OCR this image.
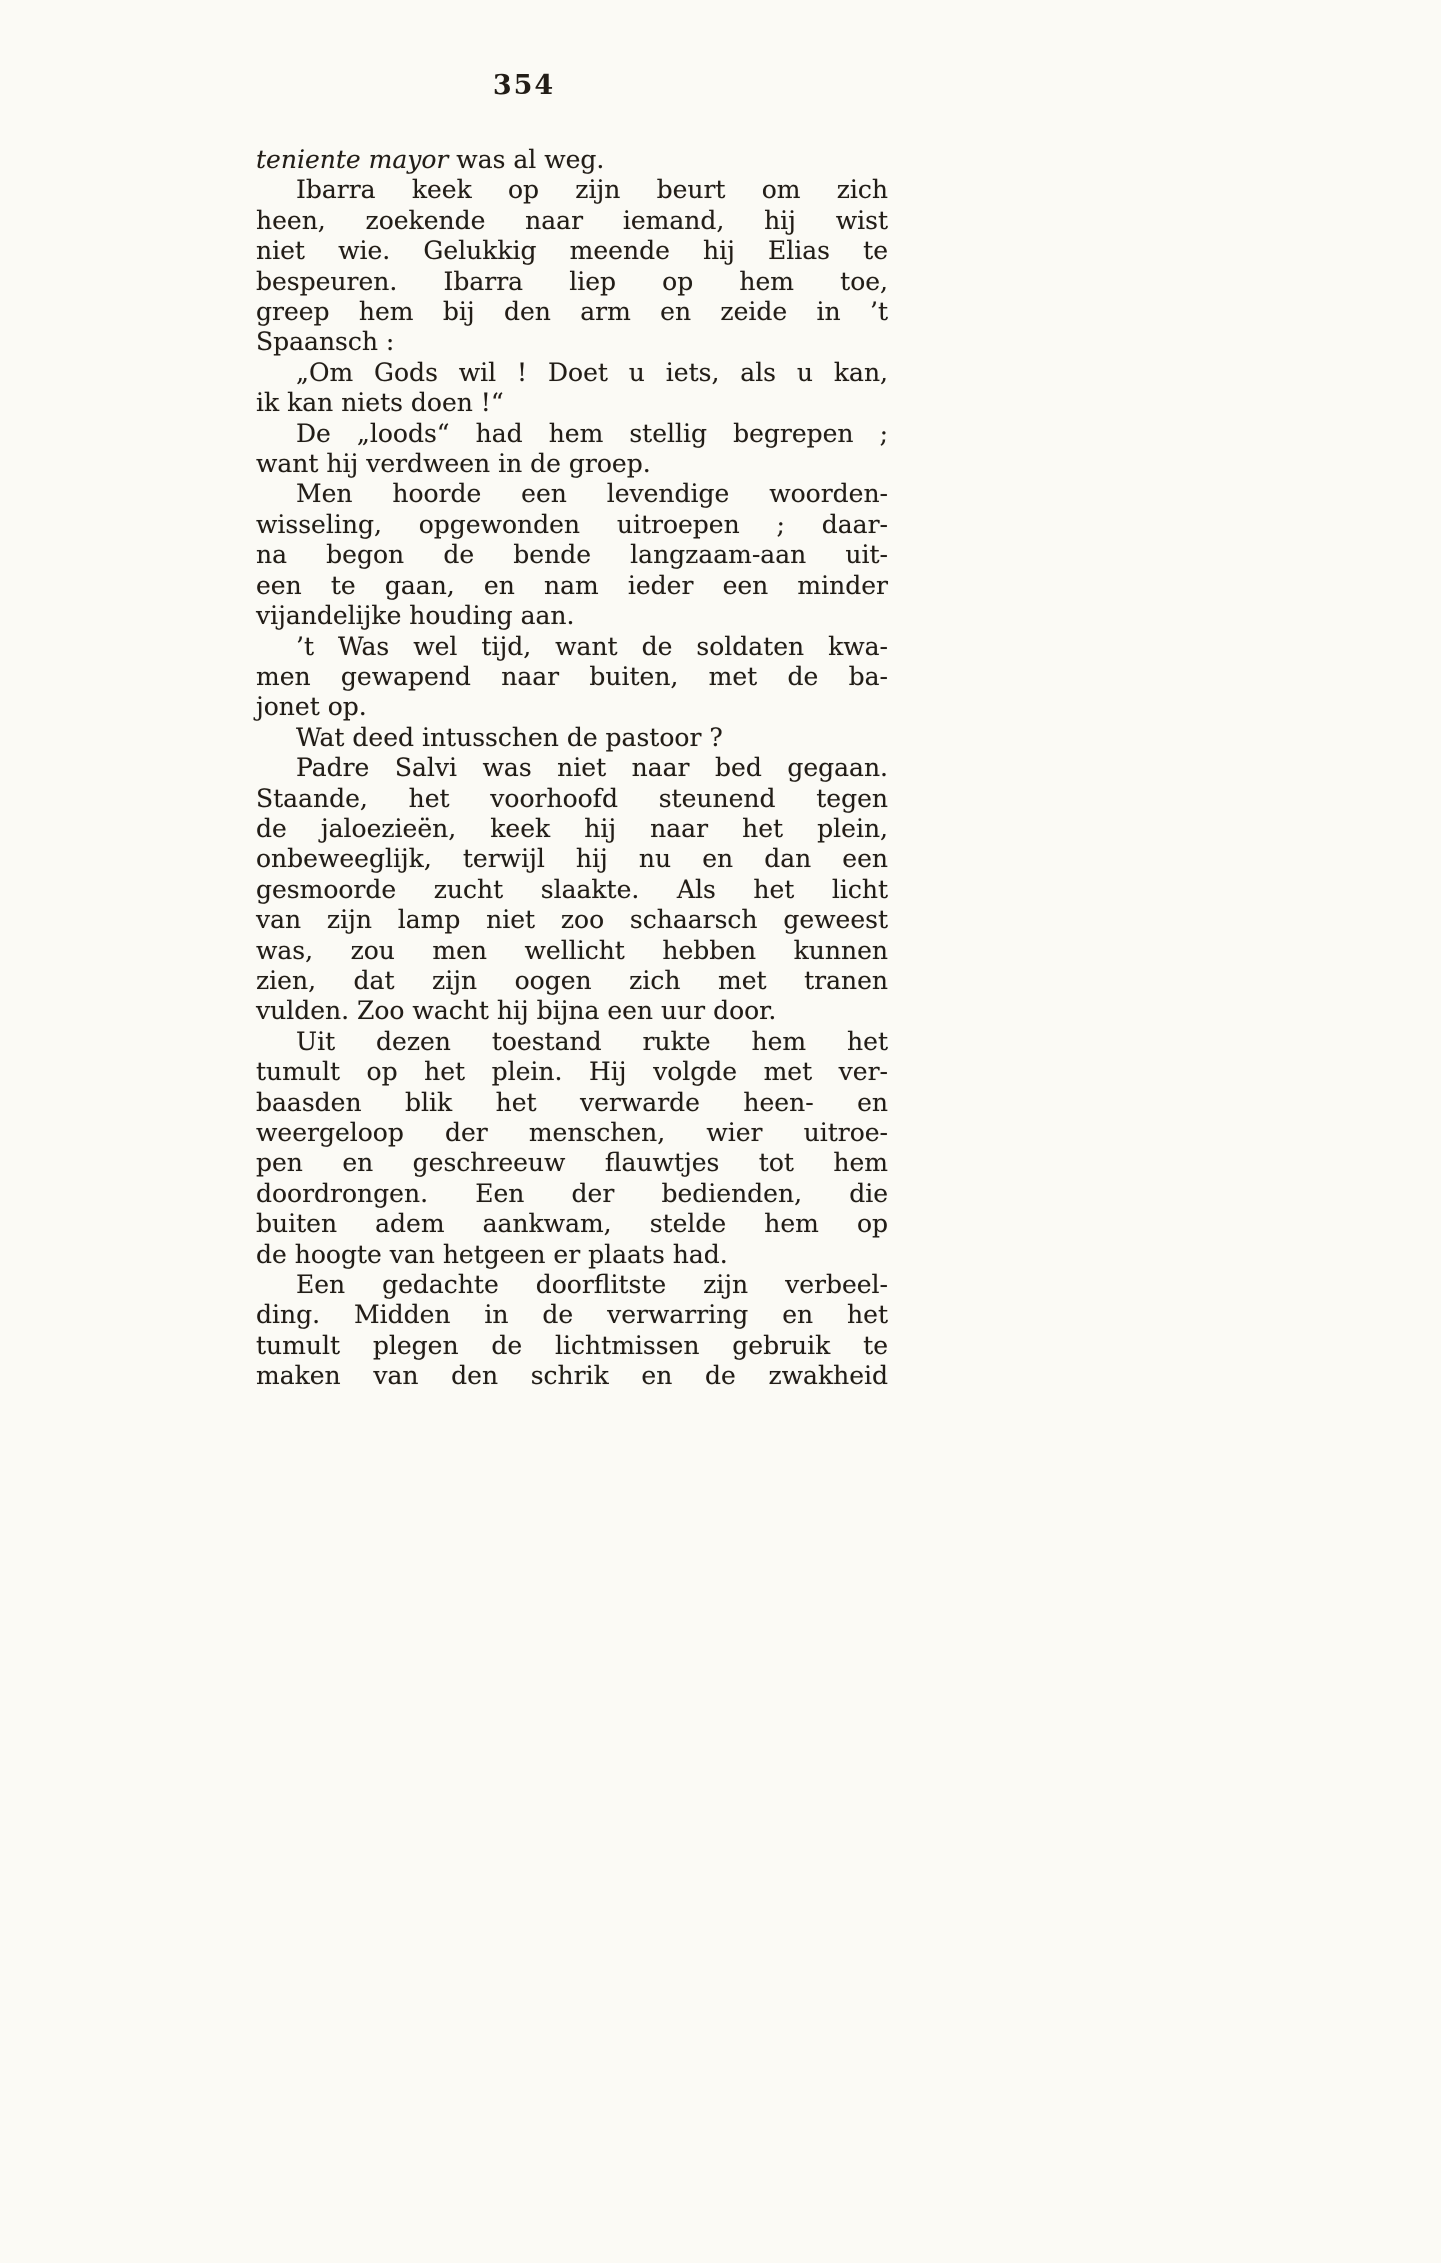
354
teniente mayor was al weg.
Ibarra keek op zijn beurt om zich
heen, zoekende naar iemand, hij wist
niet wie. Gelukkig meende hij Elias te
bespeuren. Ibarra liep op hem toe,
greep hem bij den arm en zeide in ’t
Spaansch :
„Om Gods wil ! Doet u iets, als u kan,
ik kan niets doen !“
De „loods“ had hem stellig begrepen ;
want hij verdween in de groep.
Men hoorde een levendige woorden-
wisseling, opgewonden uitroepen ; daar-
na begon de bende langzaam-aan uit-
een te gaan, en nam ieder een minder
vijandelijke houding aan.
’t Was wel tijd, want de soldaten kwa-
men gewapend naar buiten, met de ba-
jonet op.
Wat deed intusschen de pastoor ?
Padre Salvi was niet naar bed gegaan.
Staande, het voorhoofd steunend tegen
de jaloezieën, keek hij naar het plein,
onbeweeglijk, terwijl hij nu en dan een
gesmoorde zucht slaakte. Als het licht
van zijn lamp niet zoo schaarsch geweest
was, zou men wellicht hebben kunnen
zien, dat zijn oogen zich met tranen
vulden. Zoo wacht hij bijna een uur door.
Uit dezen toestand rukte hem het
tumult op het plein. Hij volgde met ver-
baasden blik het verwarde heen- en
weergeloop der menschen, wier uitroe-
pen en geschreeuw flauwtjes tot hem
doordrongen. Een der bedienden, die
buiten adem aankwam, stelde hem op
de hoogte van hetgeen er plaats had.
Een gedachte doorflitste zijn verbeel-
ding. Midden in de verwarring en het
tumult plegen de lichtmissen gebruik te
maken van den schrik en de zwakheid
